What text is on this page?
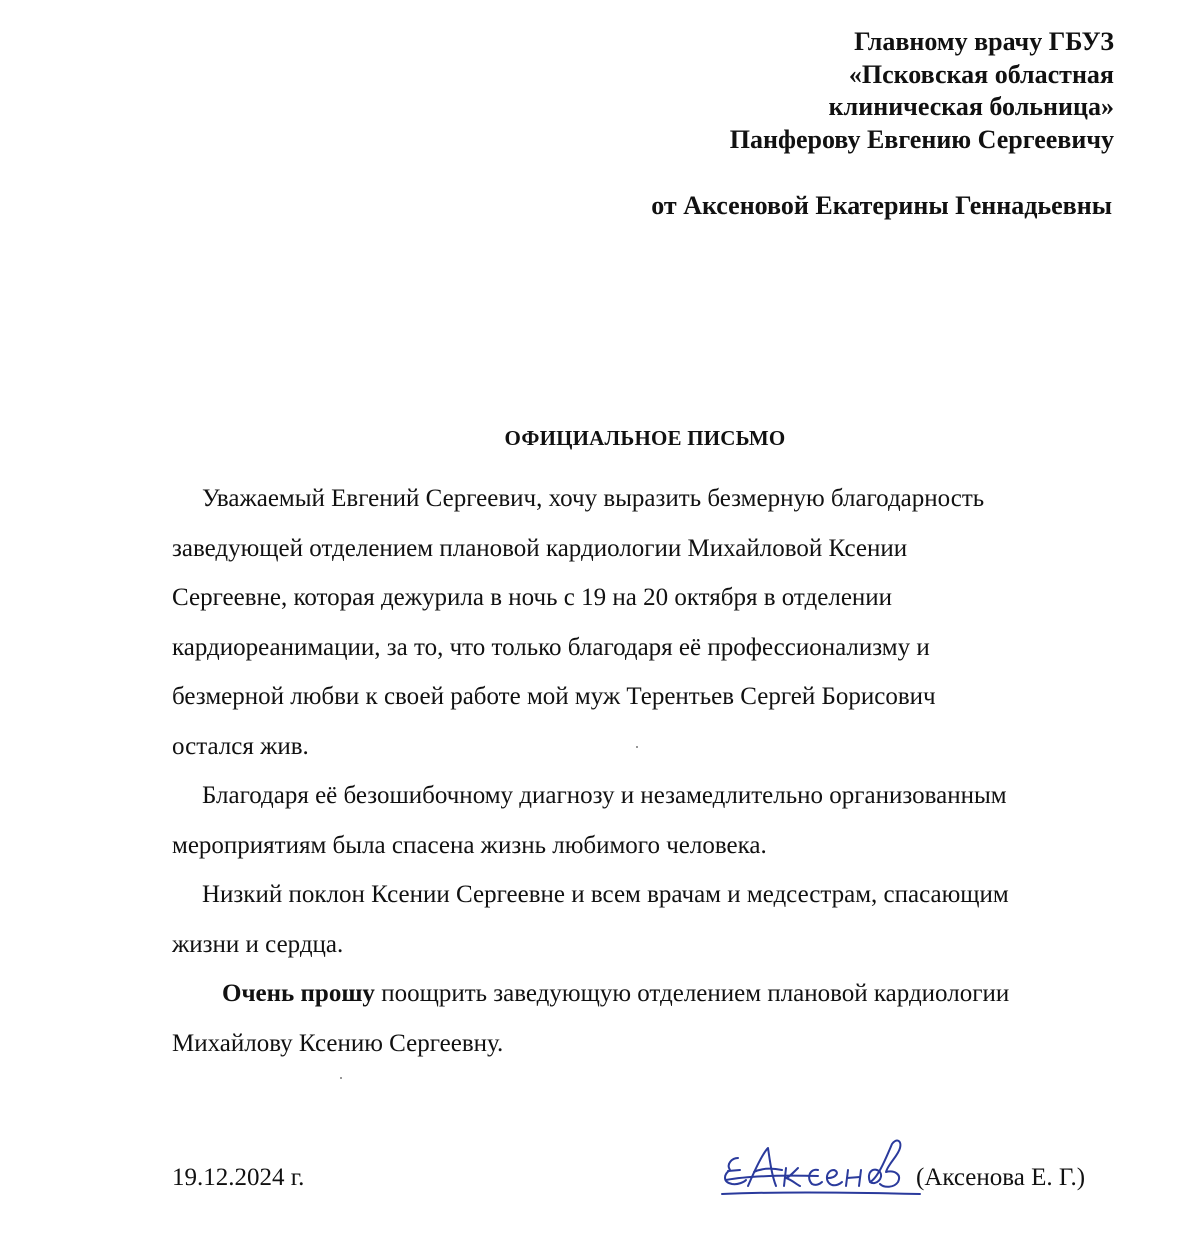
Главному врачу ГБУЗ
«Псковская областная
клиническая больница»
Панферову Евгению Сергеевичу
от Аксеновой Екатерины Геннадьевны
ОФИЦИАЛЬНОЕ ПИСЬМО
Уважаемый Евгений Сергеевич, хочу выразить безмерную благодарность
заведующей отделением плановой кардиологии Михайловой Ксении
Сергеевне, которая дежурила в ночь с 19 на 20 октября в отделении
кардиореанимации, за то, что только благодаря её профессионализму и
безмерной любви к своей работе мой муж Терентьев Сергей Борисович
остался жив.
Благодаря её безошибочному диагнозу и незамедлительно организованным
мероприятиям была спасена жизнь любимого человека.
Низкий поклон Ксении Сергеевне и всем врачам и медсестрам, спасающим
жизни и сердца.
Очень прошу поощрить заведующую отделением плановой кардиологии
Михайлову Ксению Сергеевну.
19.12.2024 г.	(Аксенова Е. Г.)
